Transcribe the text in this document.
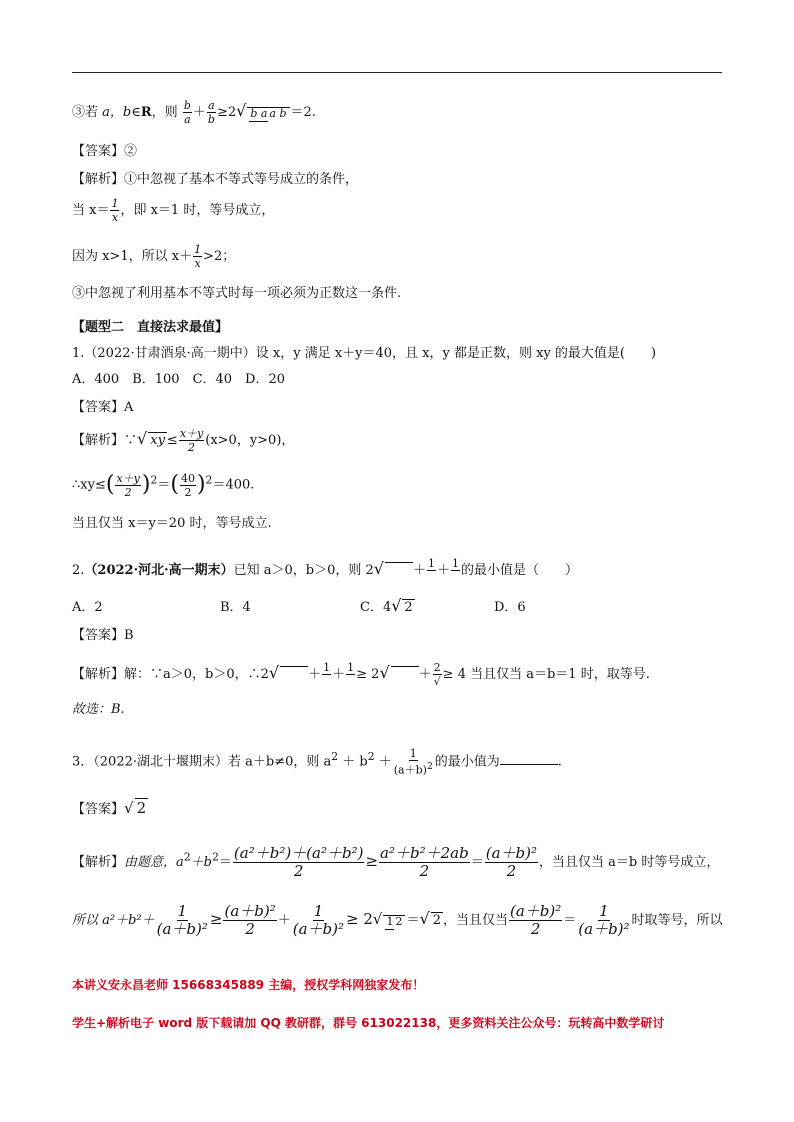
③若 a，b∈R，则 $\frac{b}{a} + \frac{a}{b} \ge 2√$ b a a b ＝2.
【答案】②
【解析】①中忽视了基本不等式等号成立的条件，
当 $x= \frac{1}{x}$ ，即 x＝1 时，等号成立，
因为 x>1，所以 $x+ \frac{1}{x} >2$；
③中忽视了利用基本不等式时每一项必须为正数这一条件.
【题型二　直接法求最值】
1.（2022·甘肃酒泉·高一期中）设 x，y 满足 x＋y＝40，且 x，y 都是正数，则 xy 的最大值是(　　)
A．400　B．100　C．40　D．20
【答案】A
【解析】∵√ xy ≤ $\frac{x+y}{2} (x>0$，y>0)，
∴xy≤( $\frac{x+y}{2} )^2=( \frac{40}{2} )^2=400$.
当且仅当 x＝y＝20 时，等号成立.
2.（2022·河北·高一期末）已知 a＞0，b＞0，则 2√ ＋ 1
＋ 1
的最小值是（　　）
A．2	B．4	C．4√ 2	D．6
【答案】B
【解析】解：∵a＞0，b＞0，∴2√ ＋ 1
＋ 1
≥ $2√ + \frac{2}{√} \ge 4$ 当且仅当 a＝b＝1 时，取等号.
故选：B.
3．（2022·湖北十堰期末）若 a＋b≠0，则 $a^2 + b^2 + \frac{1}{(a+b)^2}$ 的最小值为	.
【答案】√ 2
【解析】由题意，$a^2+b^2= \frac{\text{(a²＋b²)＋(a²＋b²)}}{2} \ge \frac{\text{a²＋b²＋2ab}}{2} = \frac{\text{(a＋b)²}}{2}$ ，当且仅当 a＝b 时等号成立，
所以 $a^2+b^2+ \frac{1}{\text{(a＋b)²}} \ge \frac{\text{(a＋b)²}}{2} + \frac{1}{\text{(a＋b)²}} \ge 2√$ 1 2 ＝√ 2 ，当且仅当 $\frac{\text{(a＋b)²}}{2} = \frac{1}{\text{(a＋b)²}}$ 时取等号，所以
本讲义安永昌老师 15668345889 主编，授权学科网独家发布！
学生+解析电子 word 版下载请加 QQ 教研群，群号 613022138，更多资料关注公众号：玩转高中数学研讨
